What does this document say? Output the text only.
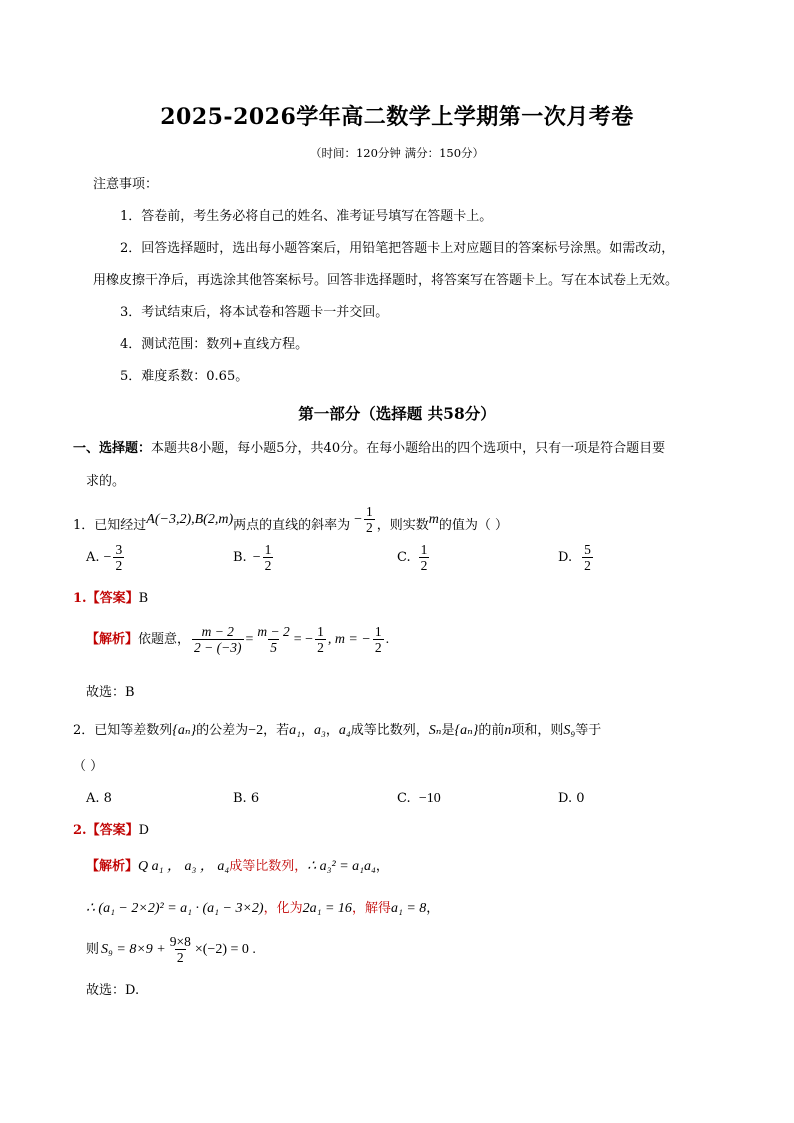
2025-2026学年高二数学上学期第一次月考卷
（时间：120分钟 满分：150分）
注意事项：
1．答卷前，考生务必将自己的姓名、准考证号填写在答题卡上。
2．回答选择题时，选出每小题答案后，用铅笔把答题卡上对应题目的答案标号涂黑。如需改动，
用橡皮擦干净后，再选涂其他答案标号。回答非选择题时，将答案写在答题卡上。写在本试卷上无效。
3．考试结束后，将本试卷和答题卡一并交回。
4．测试范围：数列+直线方程。
5．难度系数：0.65。
第一部分（选择题 共58分）
一、选择题：本题共8小题，每小题5分，共40分。在每小题给出的四个选项中，只有一项是符合题目要
求的。
1． 已知经过 A(−3,2),B(2,m) 两点的直线的斜率为 − $\frac{1}{2}$ ，则实数 m 的值为（ ）
A. − $\frac{3}{2}$	B. − $\frac{1}{2}$	C. $\frac{1}{2}$	D. $\frac{5}{2}$
1.【答案】B
【解析】 依题意， $\frac{m - 2}{2 - (-3)} = \frac{m - 2}{5}$ = − $\frac{1}{2}$ , m = − $\frac{1}{2}$ .
故选：B
2． 已知等差数列 {aₙ} 的公差为 −2 ，若 a₁ ， a₃ ， a₄ 成等比数列， Sₙ 是 {aₙ} 的前 n 项和，则 S₉ 等于
（ ）
A. 8	B. 6	C. −10	D. 0
2.【答案】D
【解析】Q a₁ ， a₃ ， a₄成等比数列，∴ a₃² = a₁a₄，
∴ (a₁ − 2×2)² = a₁ · (a₁ − 3×2)，化为2a₁ = 16，解得a₁ = 8，
则 $S_9 = 8\times 9 + \frac{9\times 8}{2} \times(-2) = 0$ .
故选：D.
